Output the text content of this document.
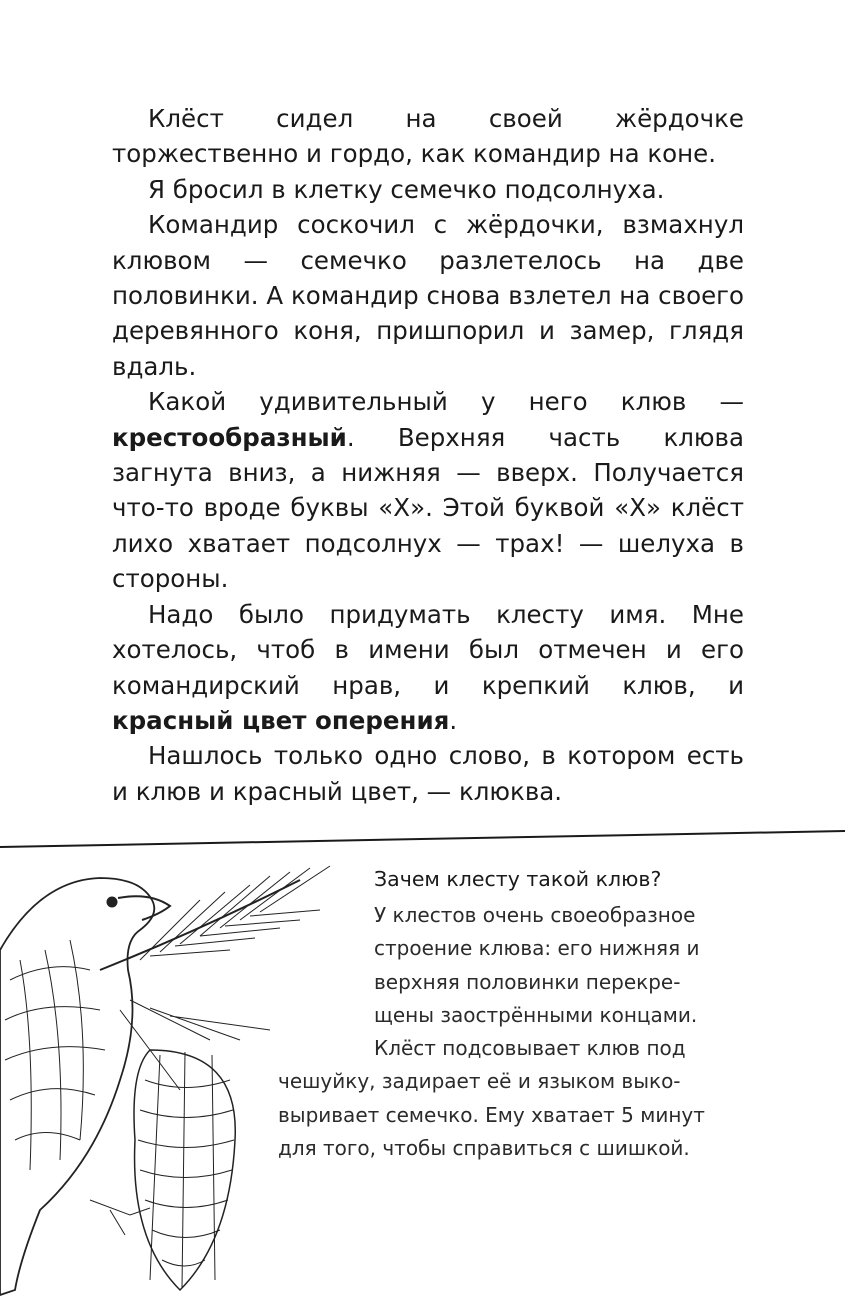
Клёст сидел на своей жёрдочке торжественно и гордо, как командир на коне.

Я бросил в клетку семечко подсолнуха.

Командир соскочил с жёрдочки, взмахнул клювом — семечко разлетелось на две половинки. А командир снова взлетел на своего деревянного коня, пришпорил и замер, глядя вдаль.

Какой удивительный у него клюв — крестообразный. Верхняя часть клюва загнута вниз, а нижняя — вверх. Получается что-то вроде буквы «Х». Этой буквой «Х» клёст лихо хватает подсолнух — трах! — шелуха в стороны.

Надо было придумать клесту имя. Мне хотелось, чтоб в имени был отмечен и его командирский нрав, и крепкий клюв, и красный цвет оперения.

Нашлось только одно слово, в котором есть и клюв и красный цвет, — клюква.

Зачем клесту такой клюв?
У клестов очень своеобразное
строение клюва: его нижняя и
верхняя половинки перекре-
щены заострёнными концами.
Клёст подсовывает клюв под
чешуйку, задирает её и языком выко-
выривает семечко. Ему хватает 5 минут
для того, чтобы справиться с шишкой.
